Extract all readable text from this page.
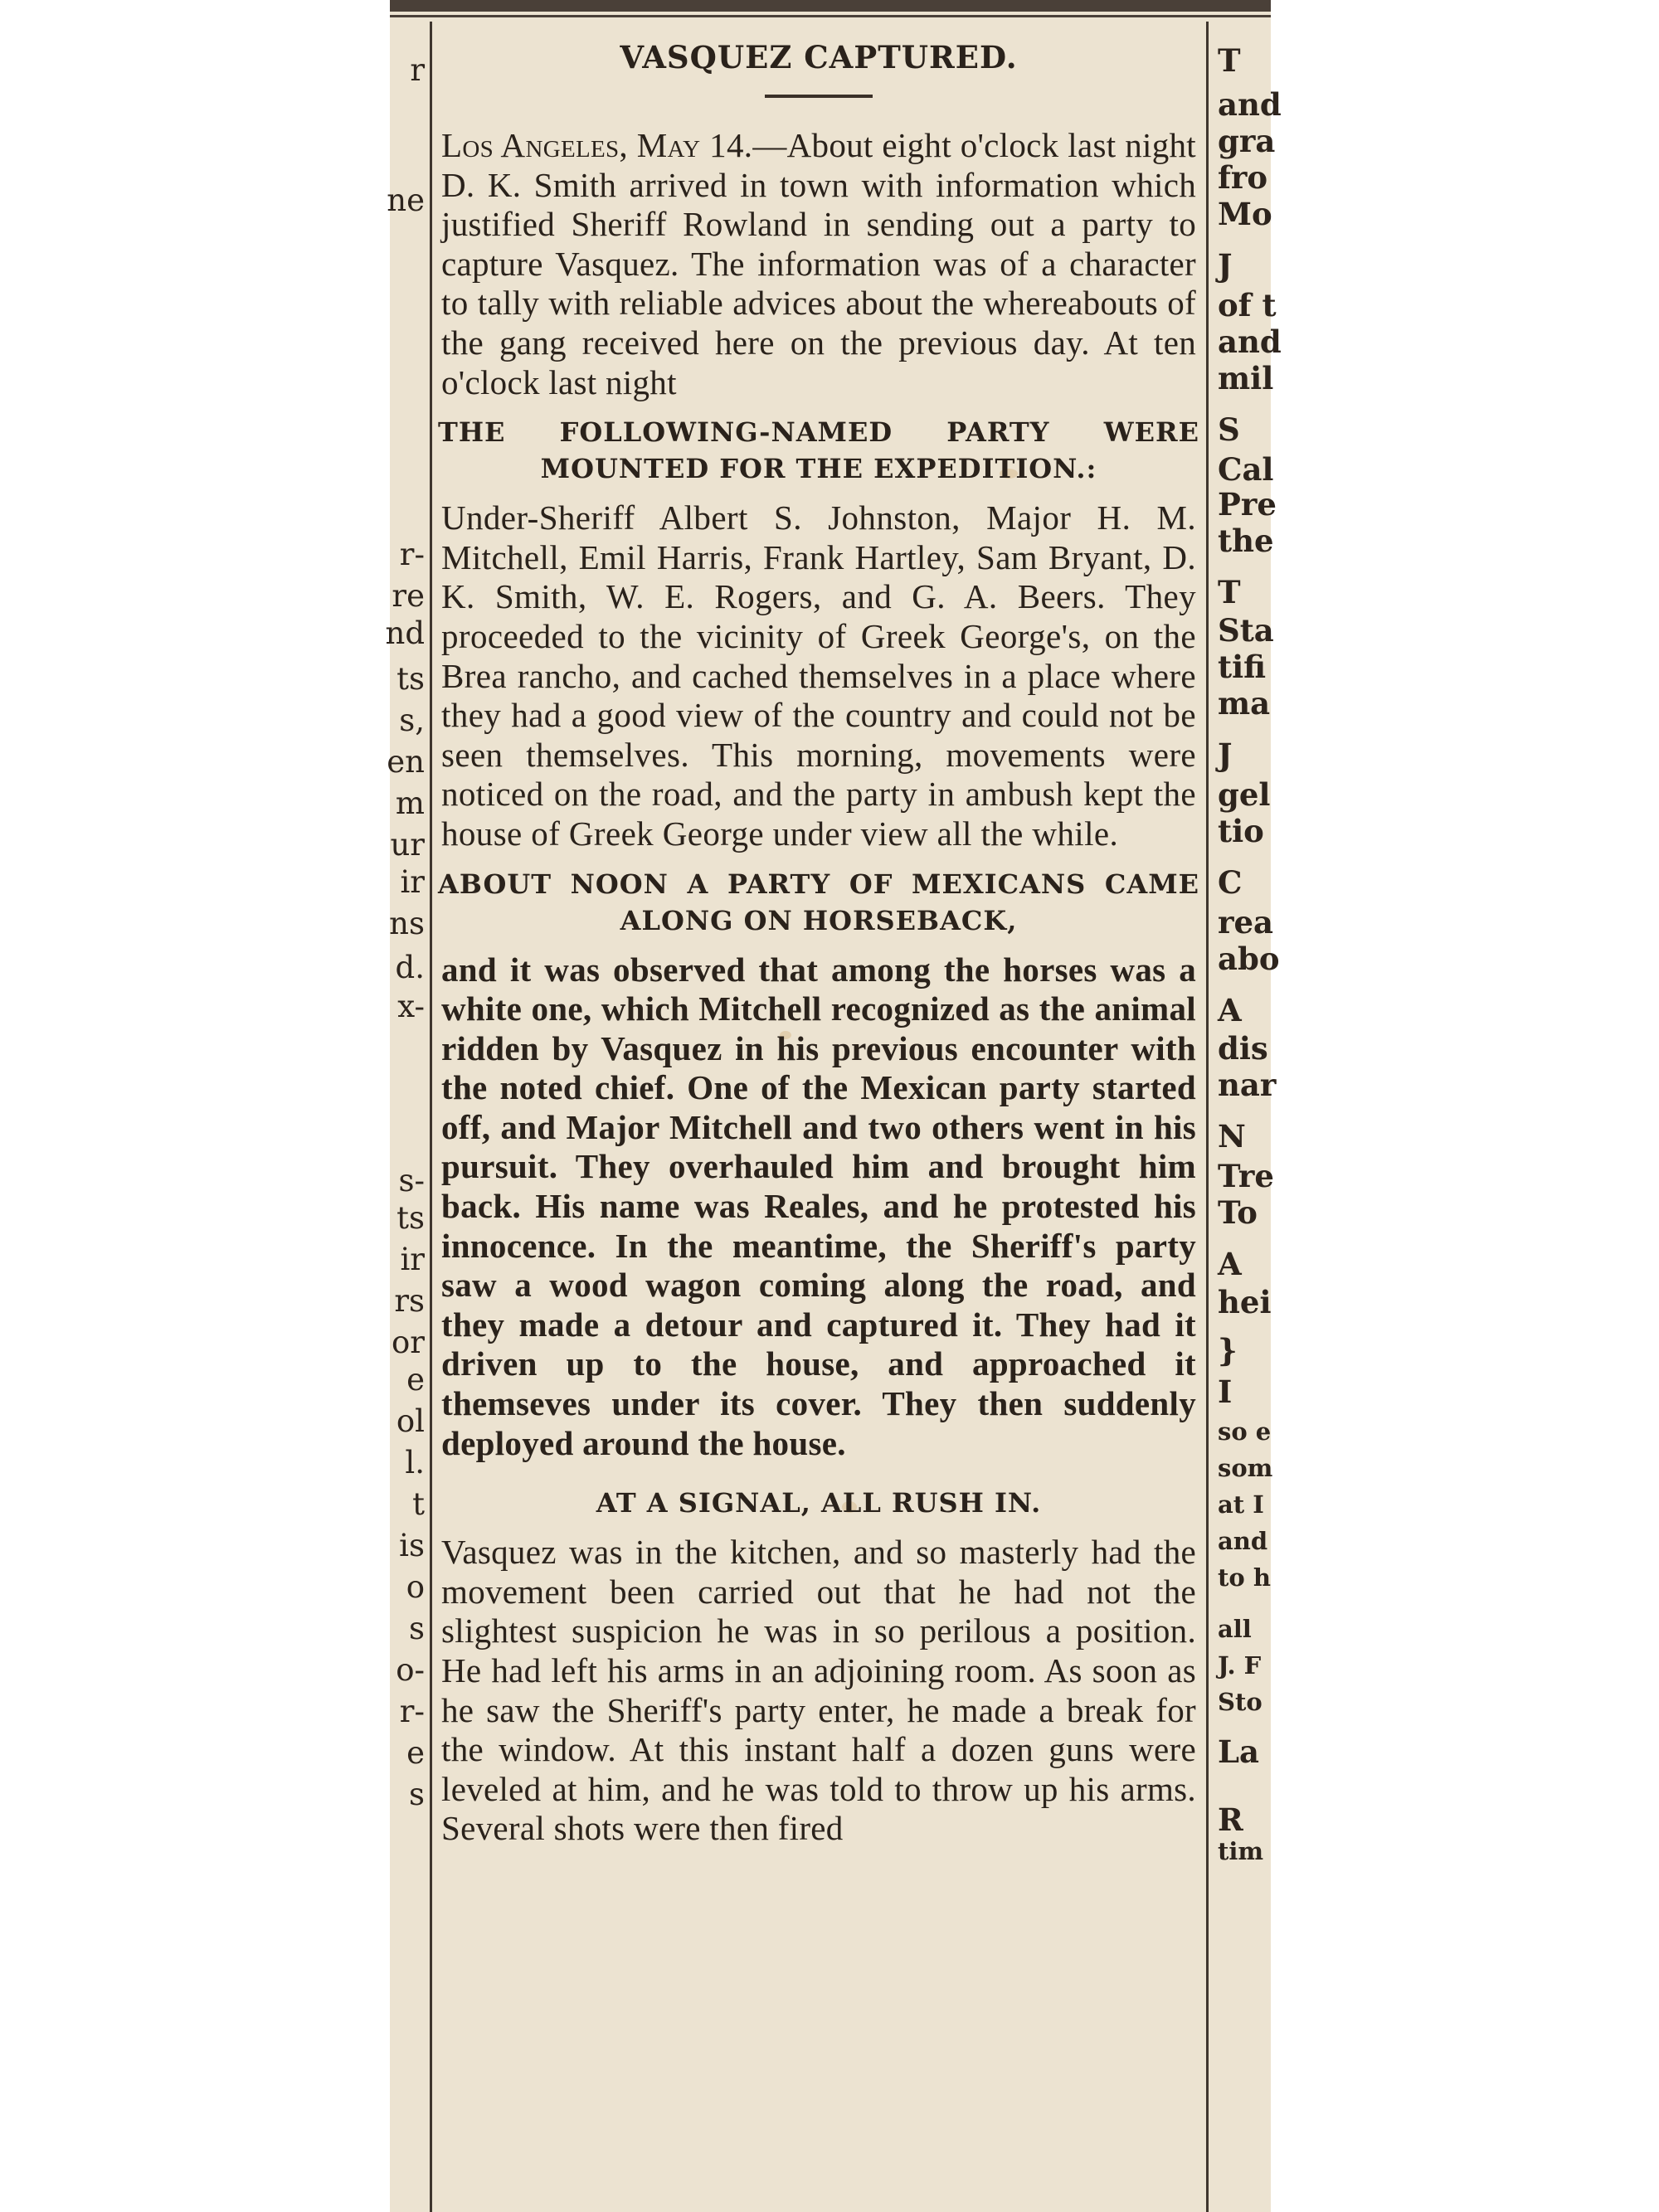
r
ne
r-
re
nd
ts
s,
en
m
ur
ir
ns
d.
x-
s-
ts
ir
rs
or
e
ol
l.
t
is
o
s
o-
r-
e
s
T
and
gra
fro
Mo
J
of t
and
mil
S
Cal
Pre
the
T
Sta
tifi
ma
J
gel
tio
C
rea
abo
A
dis
nar
N
Tre
To
A
hei
}
I
so e
som
at I
and
to h
all
J. F
Sto
La
R
tim
VASQUEZ CAPTURED.

Los Angeles, May 14.—About eight o'clock last night D. K. Smith arrived in town with information which justified Sheriff Rowland in sending out a party to capture Vasquez. The information was of a character to tally with reliable advices about the whereabouts of the gang received here on the previous day. At ten o'clock last night

THE FOLLOWING-NAMED PARTY WERE MOUNTED FOR THE EXPEDITION.:

Under-Sheriff Albert S. Johnston, Major H. M. Mitchell, Emil Harris, Frank Hartley, Sam Bryant, D. K. Smith, W. E. Rogers, and G. A. Beers. They proceeded to the vicinity of Greek George's, on the Brea rancho, and cached themselves in a place where they had a good view of the country and could not be seen themselves. This morning, movements were noticed on the road, and the party in ambush kept the house of Greek George under view all the while.

ABOUT NOON A PARTY OF MEXICANS CAME ALONG ON HORSEBACK,

and it was observed that among the horses was a white one, which Mitchell recognized as the animal ridden by Vasquez in his previous encounter with the noted chief. One of the Mexican party started off, and Major Mitchell and two others went in his pursuit. They overhauled him and brought him back. His name was Reales, and he protested his innocence. In the meantime, the Sheriff's party saw a wood wagon coming along the road, and they made a detour and captured it. They had it driven up to the house, and approached it themseves under its cover. They then suddenly deployed around the house.

AT A SIGNAL, ALL RUSH IN.

Vasquez was in the kitchen, and so masterly had the movement been carried out that he had not the slightest suspicion he was in so perilous a position. He had left his arms in an adjoining room. As soon as he saw the Sheriff's party enter, he made a break for the window. At this instant half a dozen guns were leveled at him, and he was told to throw up his arms. Several shots were then fired
